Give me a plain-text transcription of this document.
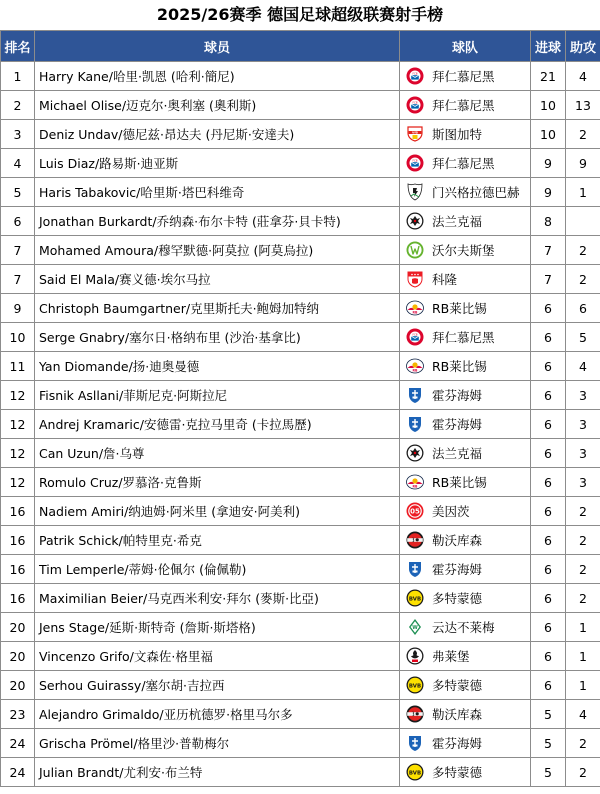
2025/26赛季 德国足球超级联赛射手榜
排名	球员	球队	进球	助攻
1	Harry Kane/哈里·凯恩 (哈利·簡尼)	FCB 拜仁慕尼黑	21	4
2	Michael Olise/迈克尔·奥利塞 (奧利斯)	FCB 拜仁慕尼黑	10	13
3	Deniz Undav/德尼兹·昂达夫 (丹尼斯·安達夫)	VfB 斯图加特	10	2
4	Luis Diaz/路易斯·迪亚斯	FCB 拜仁慕尼黑	9	9
5	Haris Tabakovic/哈里斯·塔巴科维奇	门兴格拉德巴赫	9	1
6	Jonathan Burkardt/乔纳森·布尔卡特 (莊拿芬·貝卡特)	法兰克福	8	
7	Mohamed Amoura/穆罕默德·阿莫拉 (阿莫烏拉)	沃尔夫斯堡	7	2
7	Said El Mala/赛义德·埃尔马拉	科隆	7	2
9	Christoph Baumgartner/克里斯托夫·鲍姆加特纳	RB RB莱比锡	6	6
10	Serge Gnabry/塞尔日·格纳布里 (沙治·基拿比)	FCB 拜仁慕尼黑	6	5
11	Yan Diomande/扬·迪奥曼德	RB RB莱比锡	6	4
12	Fisnik Asllani/菲斯尼克·阿斯拉尼	霍芬海姆	6	3
12	Andrej Kramaric/安德雷·克拉马里奇 (卡拉馬歷)	霍芬海姆	6	3
12	Can Uzun/詹·乌尊	法兰克福	6	3
12	Romulo Cruz/罗慕洛·克鲁斯	RB RB莱比锡	6	3
16	Nadiem Amiri/纳迪姆·阿米里 (拿迪安·阿美利)	05 美因茨	6	2
16	Patrik Schick/帕特里克·希克	勒沃库森	6	2
16	Tim Lemperle/蒂姆·伦佩尔 (倫佩勒)	霍芬海姆	6	2
16	Maximilian Beier/马克西米利安·拜尔 (麥斯·比亞)	BVB 多特蒙德	6	2
20	Jens Stage/延斯·斯特奇 (詹斯·斯塔格)	W 云达不莱梅	6	1
20	Vincenzo Grifo/文森佐·格里福	弗莱堡	6	1
20	Serhou Guirassy/塞尔胡·吉拉西	BVB 多特蒙德	6	1
23	Alejandro Grimaldo/亚历杭德罗·格里马尔多	勒沃库森	5	4
24	Grischa Prömel/格里沙·普勒梅尔	霍芬海姆	5	2
24	Julian Brandt/尤利安·布兰特	BVB 多特蒙德	5	2
